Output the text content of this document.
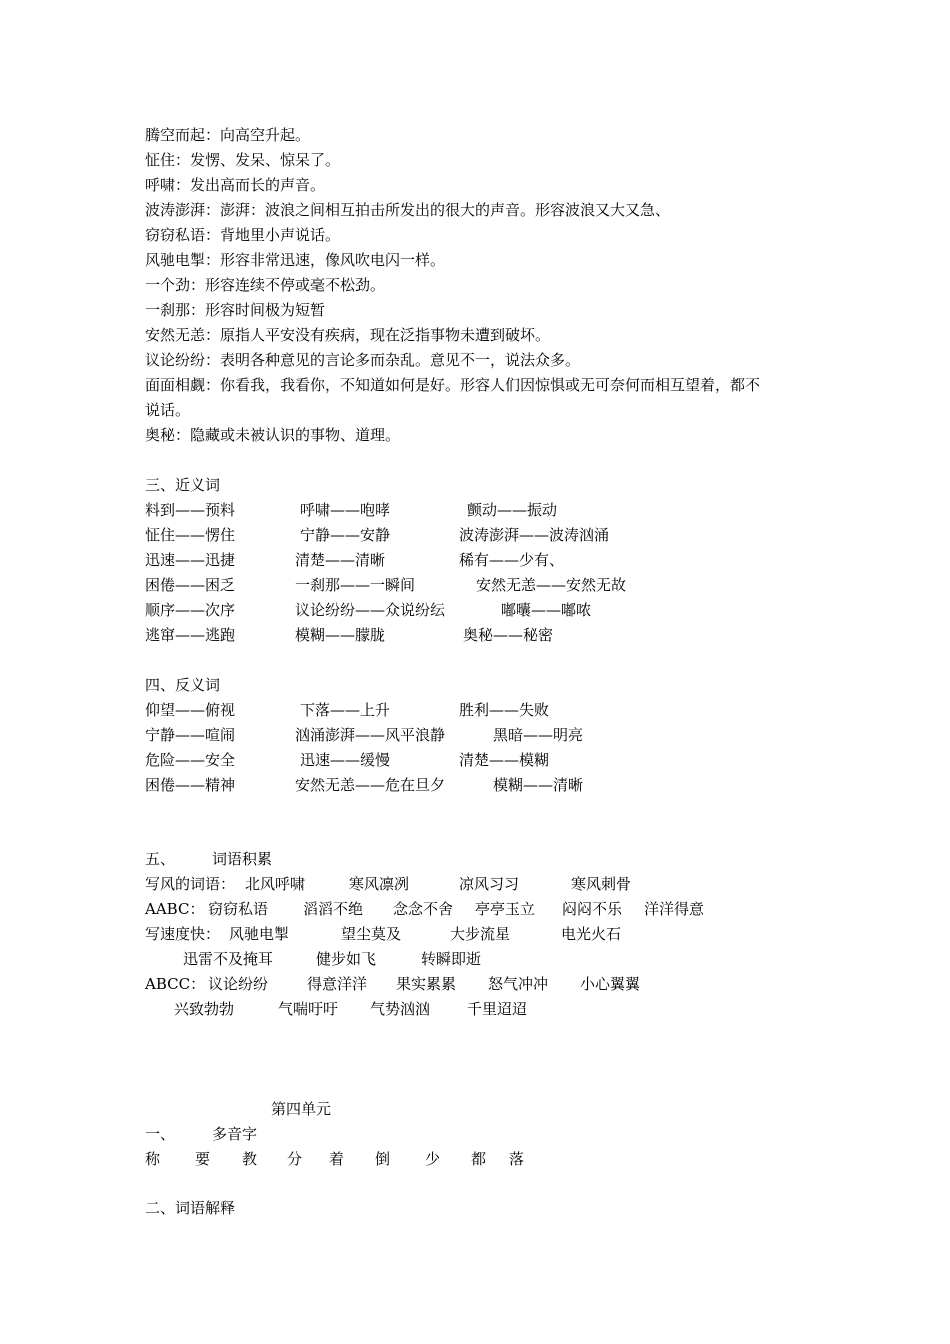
腾空而起：向高空升起。
怔住：发愣、发呆、惊呆了。
呼啸：发出高而长的声音。
波涛澎湃：澎湃：波浪之间相互拍击所发出的很大的声音。形容波浪又大又急、
窃窃私语：背地里小声说话。
风驰电掣：形容非常迅速，像风吹电闪一样。
一个劲：形容连续不停或毫不松劲。
一刹那：形容时间极为短暂
安然无恙：原指人平安没有疾病，现在泛指事物未遭到破坏。
议论纷纷：表明各种意见的言论多而杂乱。意见不一，说法众多。
面面相觑：你看我，我看你，不知道如何是好。形容人们因惊惧或无可奈何而相互望着，都不
说话。
奥秘：隐藏或未被认识的事物、道理。
三、近义词
料到——预料	呼啸——咆哮	颤动——振动
怔住——愣住	宁静——安静	波涛澎湃——波涛汹涌
迅速——迅捷	清楚——清晰	稀有——少有、
困倦——困乏	一刹那——一瞬间	安然无恙——安然无故
顺序——次序	议论纷纷——众说纷纭	嘟囔——嘟哝
逃窜——逃跑	模糊——朦胧	奥秘——秘密
四、反义词
仰望——俯视	下落——上升	胜利——失败
宁静——喧闹	汹涌澎湃——风平浪静	黑暗——明亮
危险——安全	迅速——缓慢	清楚——模糊
困倦——精神	安然无恙——危在旦夕	模糊——清晰
五、 词语积累
写风的词语： 北风呼啸	寒风凛冽	凉风习习	寒风刺骨
AABC： 窃窃私语 滔滔不绝 念念不舍 亭亭玉立 闷闷不乐 洋洋得意
写速度快： 风驰电掣	望尘莫及	大步流星	电光火石
迅雷不及掩耳	健步如飞	转瞬即逝
ABCC： 议论纷纷	得意洋洋 果实累累 怒气冲冲 小心翼翼
兴致勃勃	气喘吁吁 气势汹汹 千里迢迢
第四单元
一、 多音字
称 要 教 分 着 倒 少 都 落
二、词语解释
